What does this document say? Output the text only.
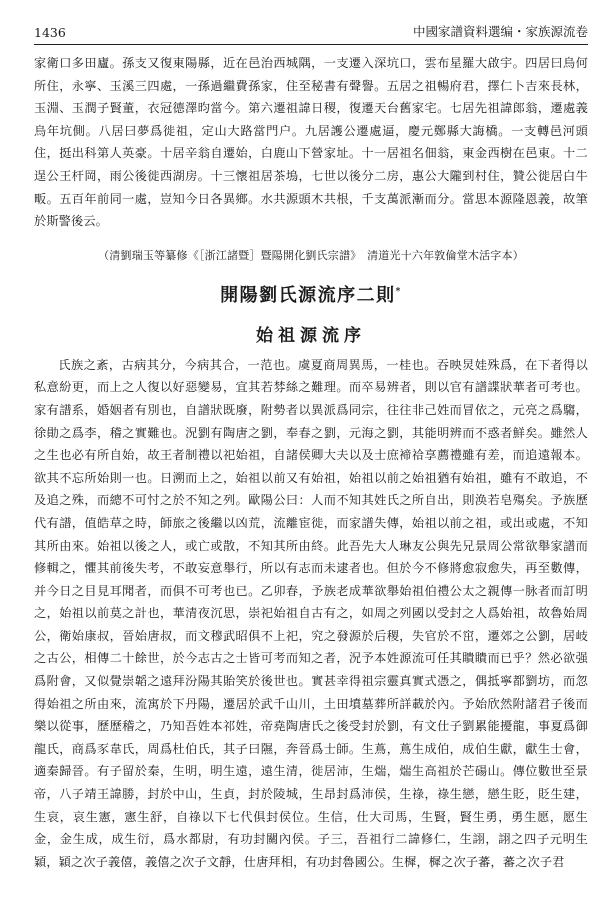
1436	中國家譜資料選编・家族源流卷

家衛口多田廬。孫支又復東陽縣，近在邑治西城隅，一支遷入深坑口，雲布星羅大啟宇。四居曰烏何所住，永寧、玉溪三四處，一孫過繼費孫家，住至秘書有聲譽。五居之祖暢府君，擇仁卜吉來長林，玉淵、玉潤子賢董，衣冠德澤昀當今。第六遷祖諱日稷，復遷天台舊家宅。七居先祖諱郎翁，遷處義烏年坑側。八居曰夢爲徙祖，定山大路當門户。九居護公遷處逼，慶元鄭縣大誨橋。一支轉邑河頭住，挺出科第人英豪。十居辛翁自遷始，白鹿山下營家址。十一居祖名佃翁，東金西樹在邑東。十二逞公王杆岡，雨公後徙西湖房。十三懷祖居茶塢，七世以後分二房，惠公大隴到村住，贊公徙居白牛畈。五百年前同一處，豈知今日各異鄉。水共源頭木共根，千支萬派漸而分。當思本源隆恩義，故筆於斯警後云。

（清劉瑞玉等纂修《［浙江諸暨］暨陽開化劉氏宗譜》　清道光十六年敦倫堂木活字本）

開陽劉氏源流序二則*
始祖源流序

氏族之紊，古病其分，今病其合，一范也。虞夏商周異馬，一桂也。吞映炅娃殊爲，在下者得以私意紛更，而上之人復以好惡變易，宜其若棼絲之難理。而卒易辨者，則以官有譜諜狀華者可考也。家有譜系，婚姻者有別也，自譜狀既廢，附勢者以異派爲同宗，往往非己姓而冒依之，元亮之爲騶，徐勛之爲李，稽之實難也。況劉有陶唐之劉，奉春之劉，元海之劉，其能明辨而不惑者鮮矣。雖然人之生也必有所自始，故王者制禮以祀始祖，自諸侯卿大夫以及士庶褅祫享薦禮雖有差，而追遠報本。欲其不忘所始則一也。日溯而上之，始祖以前又有始祖，始祖以前之始祖猶有始祖，雖有不敢追，不及追之殊，而總不可忖之於不知之列。歐陽公曰：人而不知其姓氏之所自出，則涣若皂殤矣。予族歷代有譜，值皓草之時，師旅之後繼以凶荒，流離宦徙，而家譜失傳，始祖以前之祖，或出或處，不知其所由來。始祖以後之人，或亡或散，不知其所由終。此吾先大人琳友公與先兄景周公常欲舉家譜而修輯之，懼其前後失考，不敢妄意舉行，所以有志而未逮者也。但於今不修將愈寂愈失，再至數傳，并今日之目見耳聞者，而俱不可考也已。乙卯春，予族老成華欲舉始祖伯禮公太之親傳一脉者而訂明之，始祖以前莫之計也，華清夜沉思，崇祀始祖自古有之，如周之列國以受封之人爲始祖，故魯始周公，衛始康叔，晉始唐叔，而文穆武昭俱不上祀，究之發源於后稷，失官於不窋，遷郊之公劉，居岐之古公，相傳二十餘世，於今志古之士皆可考而知之者，況予本姓源流可任其瞶瞶而已乎？然必欲强爲附會，又似覺崇韜之遠拜汾陽其貽笑於後世也。實甚幸得祖宗靈真實式憑之，偶抵寧都劉坊，而忽得始祖之所由來，流寓於下丹陽，遷居於武千山川，土田墳墓葬所詳載於內。予始欣然附諸君子後而樂以從事，歷歷稽之，乃知吾姓本祁姓，帝堯陶唐氏之後受封於劉，有文仕子劉累能擾龍，事夏爲御龍氏，商爲豕韋氏，周爲杜伯氏，其子曰隰，奔晉爲士師。生蔦，蔦生成伯，成伯生獻，獻生士會，適秦歸晉。有子留於秦，生明，明生遠，遠生清，徙居沛，生煓，煓生高祖於芒碭山。傳位數世至景帝，八子靖王諱勝，封於中山，生貞，封於陵城，生昂封爲沛侯，生祿，祿生戀，戀生貶，貶生建，生哀，哀生憲，憲生舒，自祿以下七代俱封侯位。生信，仕大司馬，生賢，賢生勇，勇生愿，愿生金，金生成，成生衍，爲水都尉，有功封關內侯。子三，吾祖行二諱修仁，生詡，詡之四子元明生穎，穎之次子義僖，義僖之次子文靜，仕唐拜相，有功封魯國公。生樨，樨之次子蕃，蕃之次子君
